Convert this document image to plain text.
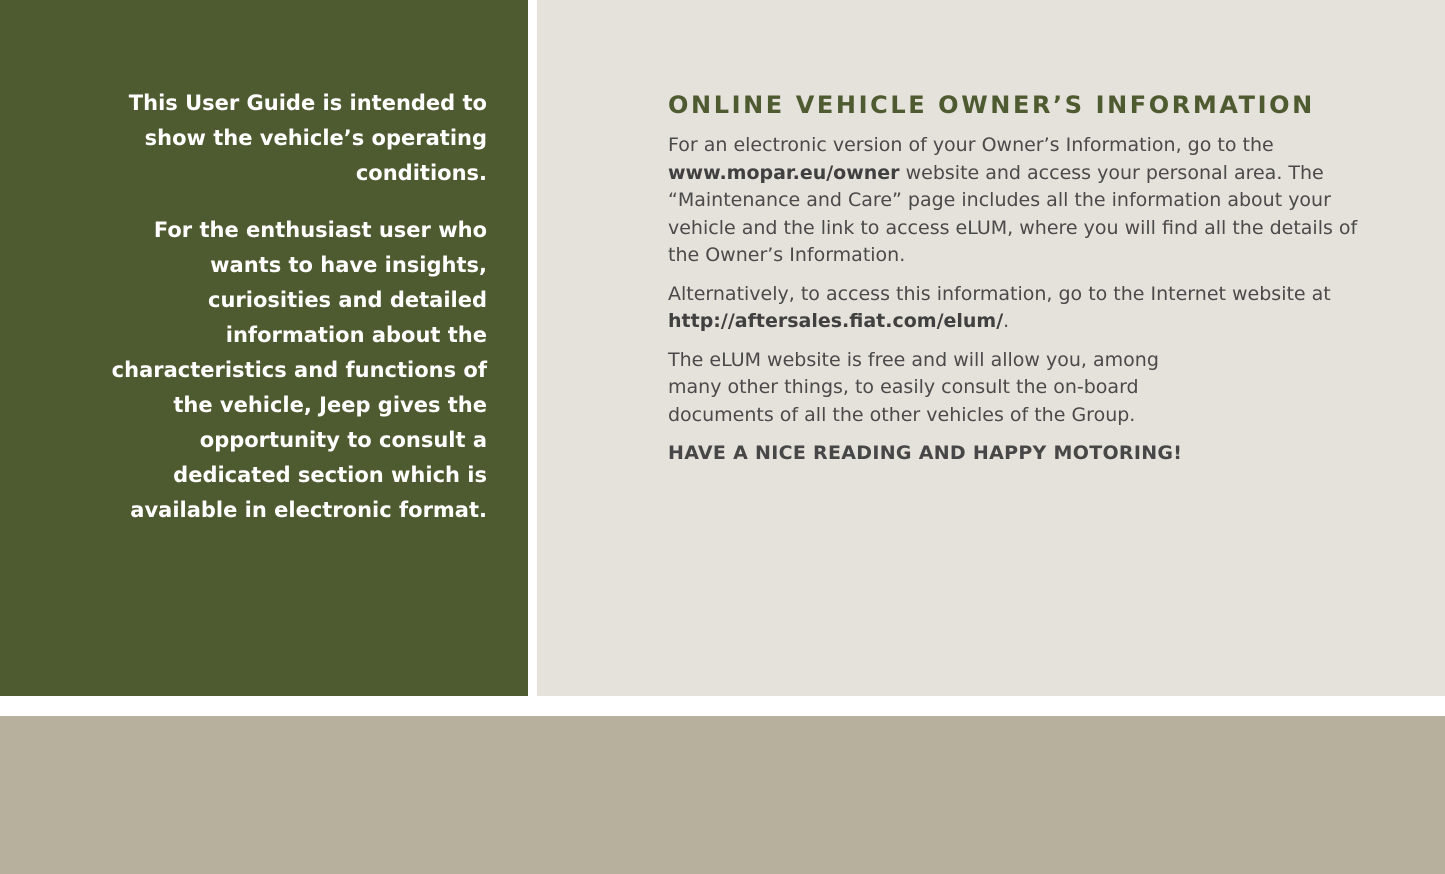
This User Guide is intended to show the vehicle’s operating conditions.

For the enthusiast user who wants to have insights, curiosities and detailed information about the characteristics and functions of the vehicle, Jeep gives the opportunity to consult a dedicated section which is available in electronic format.

ONLINE VEHICLE OWNER’S INFORMATION

For an electronic version of your Owner’s Information, go to the www.mopar.eu/owner website and access your personal area. The “Maintenance and Care” page includes all the information about your vehicle and the link to access eLUM, where you will find all the details of the Owner’s Information.

Alternatively, to access this information, go to the Internet website at http://aftersales.fiat.com/elum/.

The eLUM website is free and will allow you, among many other things, to easily consult the on-board documents of all the other vehicles of the Group.

HAVE A NICE READING AND HAPPY MOTORING!
